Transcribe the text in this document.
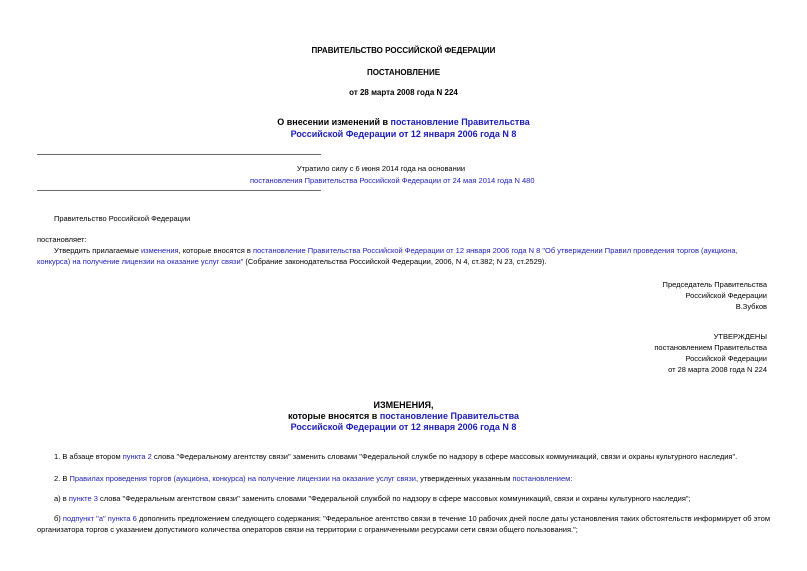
ПРАВИТЕЛЬСТВО РОССИЙСКОЙ ФЕДЕРАЦИИ
ПОСТАНОВЛЕНИЕ
от 28 марта 2008 года N 224
О внесении изменений в постановление Правительства
Российской Федерации от 12 января 2006 года N 8
Утратило силу с 6 июня 2014 года на основании
постановления Правительства Российской Федерации от 24 мая 2014 года N 480
Правительство Российской Федерации
постановляет:
Утвердить прилагаемые изменения, которые вносятся в постановление Правительства Российской Федерации от 12 января 2006 года N 8 "Об утверждении Правил проведения торгов (аукциона, конкурса) на получение лицензии на оказание услуг связи" (Собрание законодательства Российской Федерации, 2006, N 4, ст.382; N 23, ст.2529).
Председатель Правительства
Российской Федерации
В.Зубков
УТВЕРЖДЕНЫ
постановлением Правительства
Российской Федерации
от 28 марта 2008 года N 224
ИЗМЕНЕНИЯ,
которые вносятся в постановление Правительства
Российской Федерации от 12 января 2006 года N 8
1. В абзаце втором пункта 2 слова "Федеральному агентству связи" заменить словами "Федеральной службе по надзору в сфере массовых коммуникаций, связи и охраны культурного наследия".
2. В Правилах проведения торгов (аукциона, конкурса) на получение лицензии на оказание услуг связи, утвержденных указанным постановлением:
а) в пункте 3 слова "Федеральным агентством связи" заменить словами "Федеральной службой по надзору в сфере массовых коммуникаций, связи и охраны культурного наследия";
б) подпункт "а" пункта 6 дополнить предложением следующего содержания: "Федеральное агентство связи в течение 10 рабочих дней после даты установления таких обстоятельств информирует об этом организатора торгов с указанием допустимого количества операторов связи на территории с ограниченными ресурсами сети связи общего пользования.";
